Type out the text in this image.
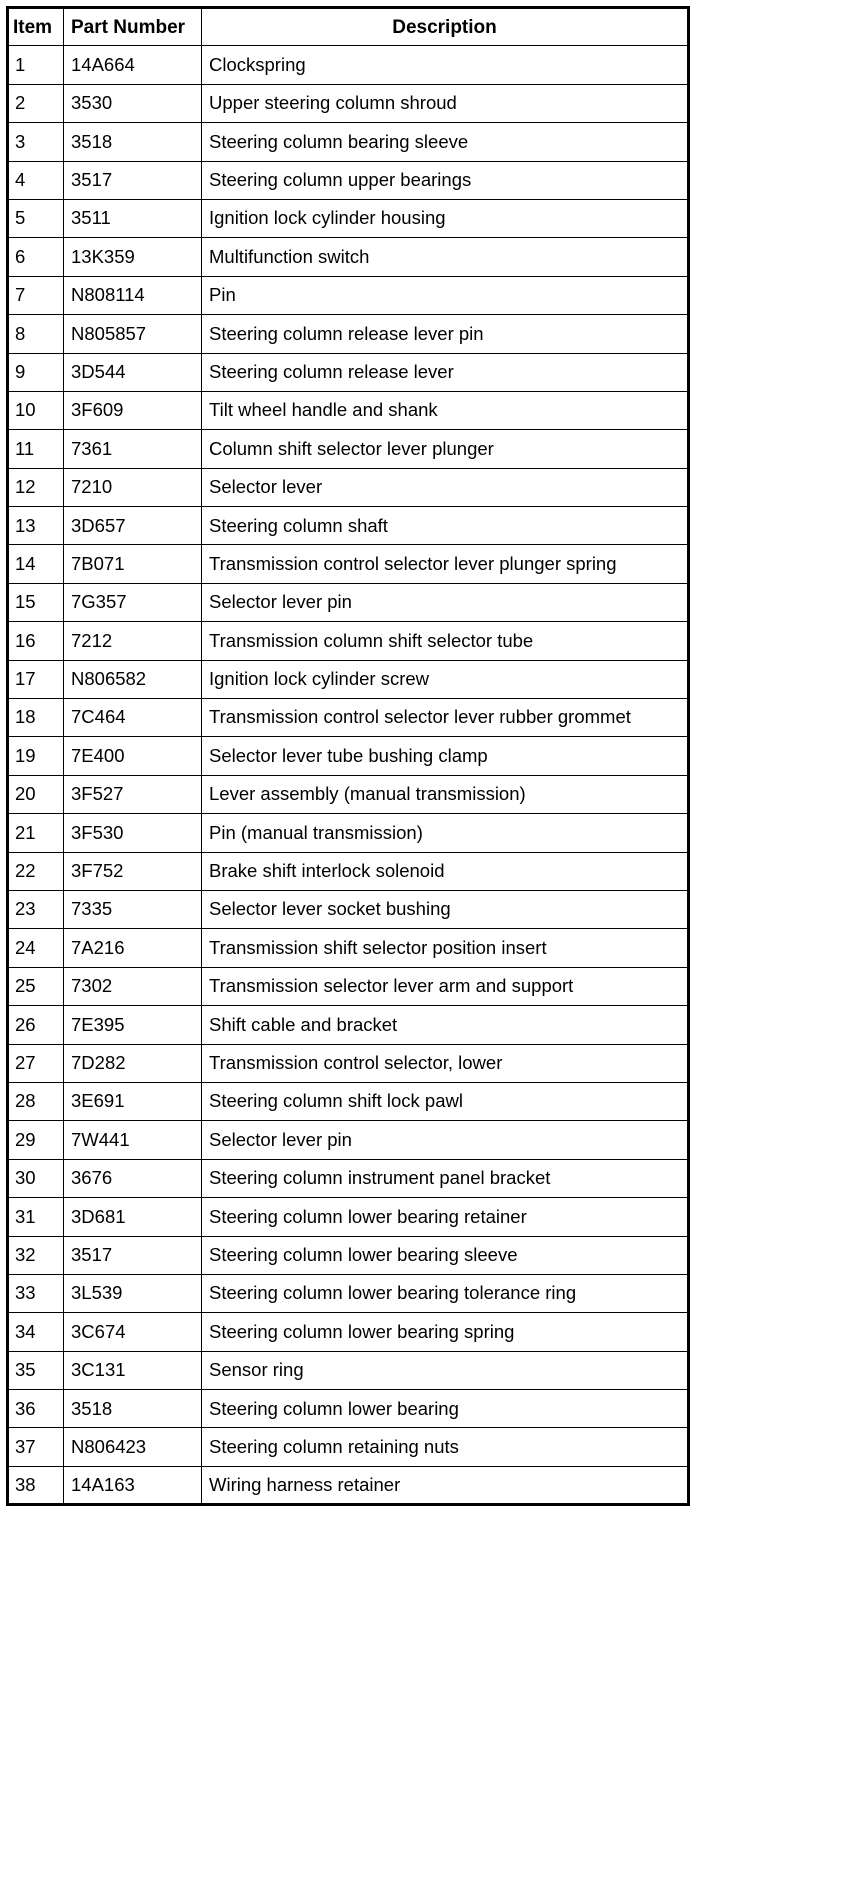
Item	Part Number	Description
1	14A664	Clockspring
2	3530	Upper steering column shroud
3	3518	Steering column bearing sleeve
4	3517	Steering column upper bearings
5	3511	Ignition lock cylinder housing
6	13K359	Multifunction switch
7	N808114	Pin
8	N805857	Steering column release lever pin
9	3D544	Steering column release lever
10	3F609	Tilt wheel handle and shank
11	7361	Column shift selector lever plunger
12	7210	Selector lever
13	3D657	Steering column shaft
14	7B071	Transmission control selector lever plunger spring
15	7G357	Selector lever pin
16	7212	Transmission column shift selector tube
17	N806582	Ignition lock cylinder screw
18	7C464	Transmission control selector lever rubber grommet
19	7E400	Selector lever tube bushing clamp
20	3F527	Lever assembly (manual transmission)
21	3F530	Pin (manual transmission)
22	3F752	Brake shift interlock solenoid
23	7335	Selector lever socket bushing
24	7A216	Transmission shift selector position insert
25	7302	Transmission selector lever arm and support
26	7E395	Shift cable and bracket
27	7D282	Transmission control selector, lower
28	3E691	Steering column shift lock pawl
29	7W441	Selector lever pin
30	3676	Steering column instrument panel bracket
31	3D681	Steering column lower bearing retainer
32	3517	Steering column lower bearing sleeve
33	3L539	Steering column lower bearing tolerance ring
34	3C674	Steering column lower bearing spring
35	3C131	Sensor ring
36	3518	Steering column lower bearing
37	N806423	Steering column retaining nuts
38	14A163	Wiring harness retainer
